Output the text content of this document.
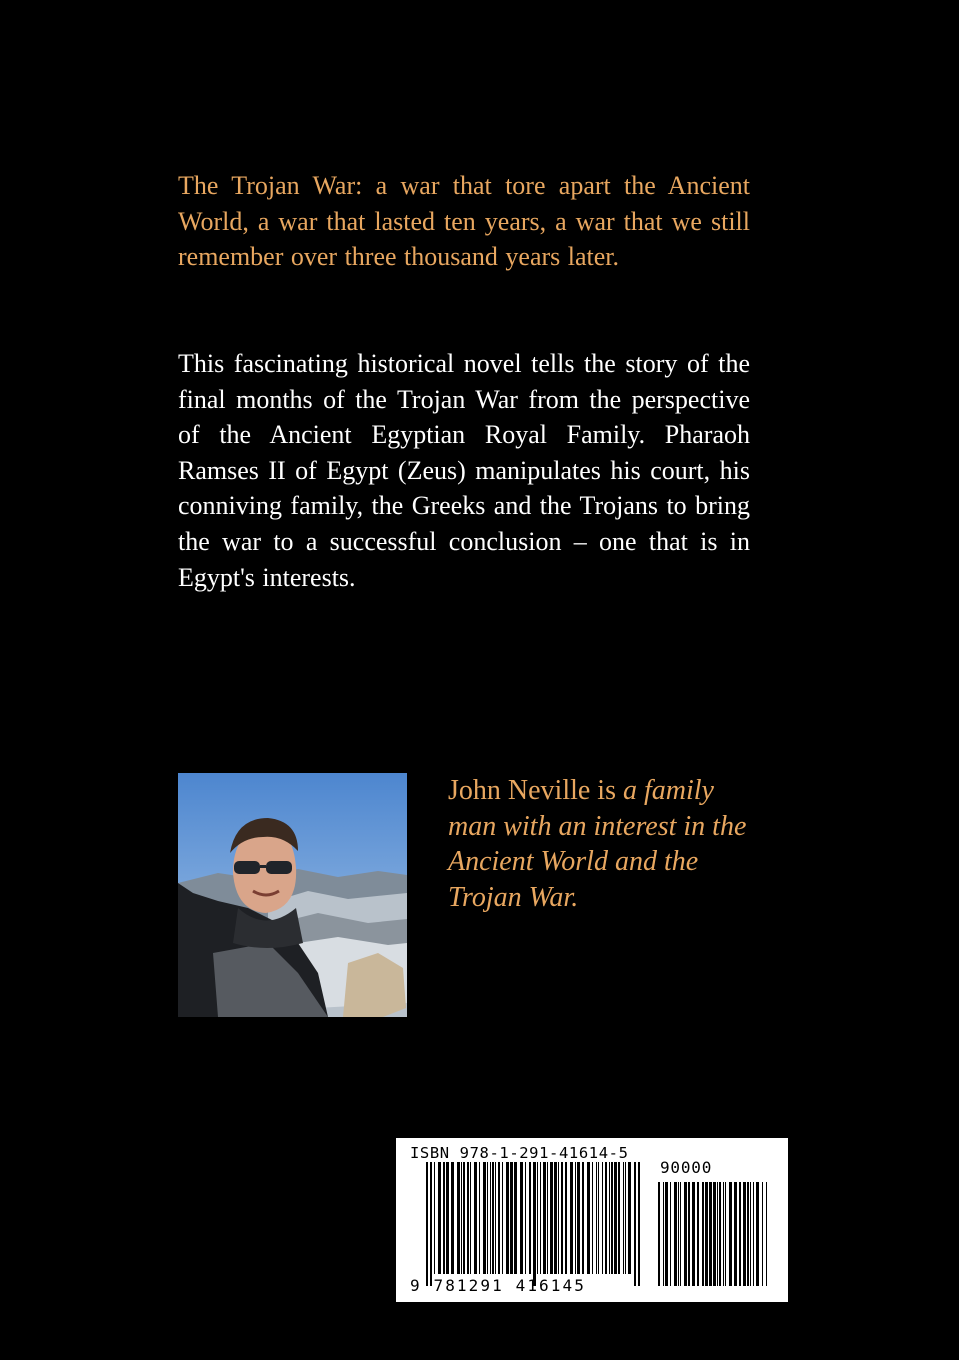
The Trojan War: a war that tore apart the Ancient World, a war that lasted ten years, a war that we still remember over three thousand years later.

This fascinating historical novel tells the story of the final months of the Trojan War from the perspective of the Ancient Egyptian Royal Family. Pharaoh Ramses II of Egypt (Zeus) manipulates his court, his conniving family, the Greeks and the Trojans to bring the war to a successful conclusion – one that is in Egypt's interests.

John Neville is a family man with an interest in the Ancient World and the Trojan War.

ISBN 978-1-291-41614-5
90000
9 781291 416145
